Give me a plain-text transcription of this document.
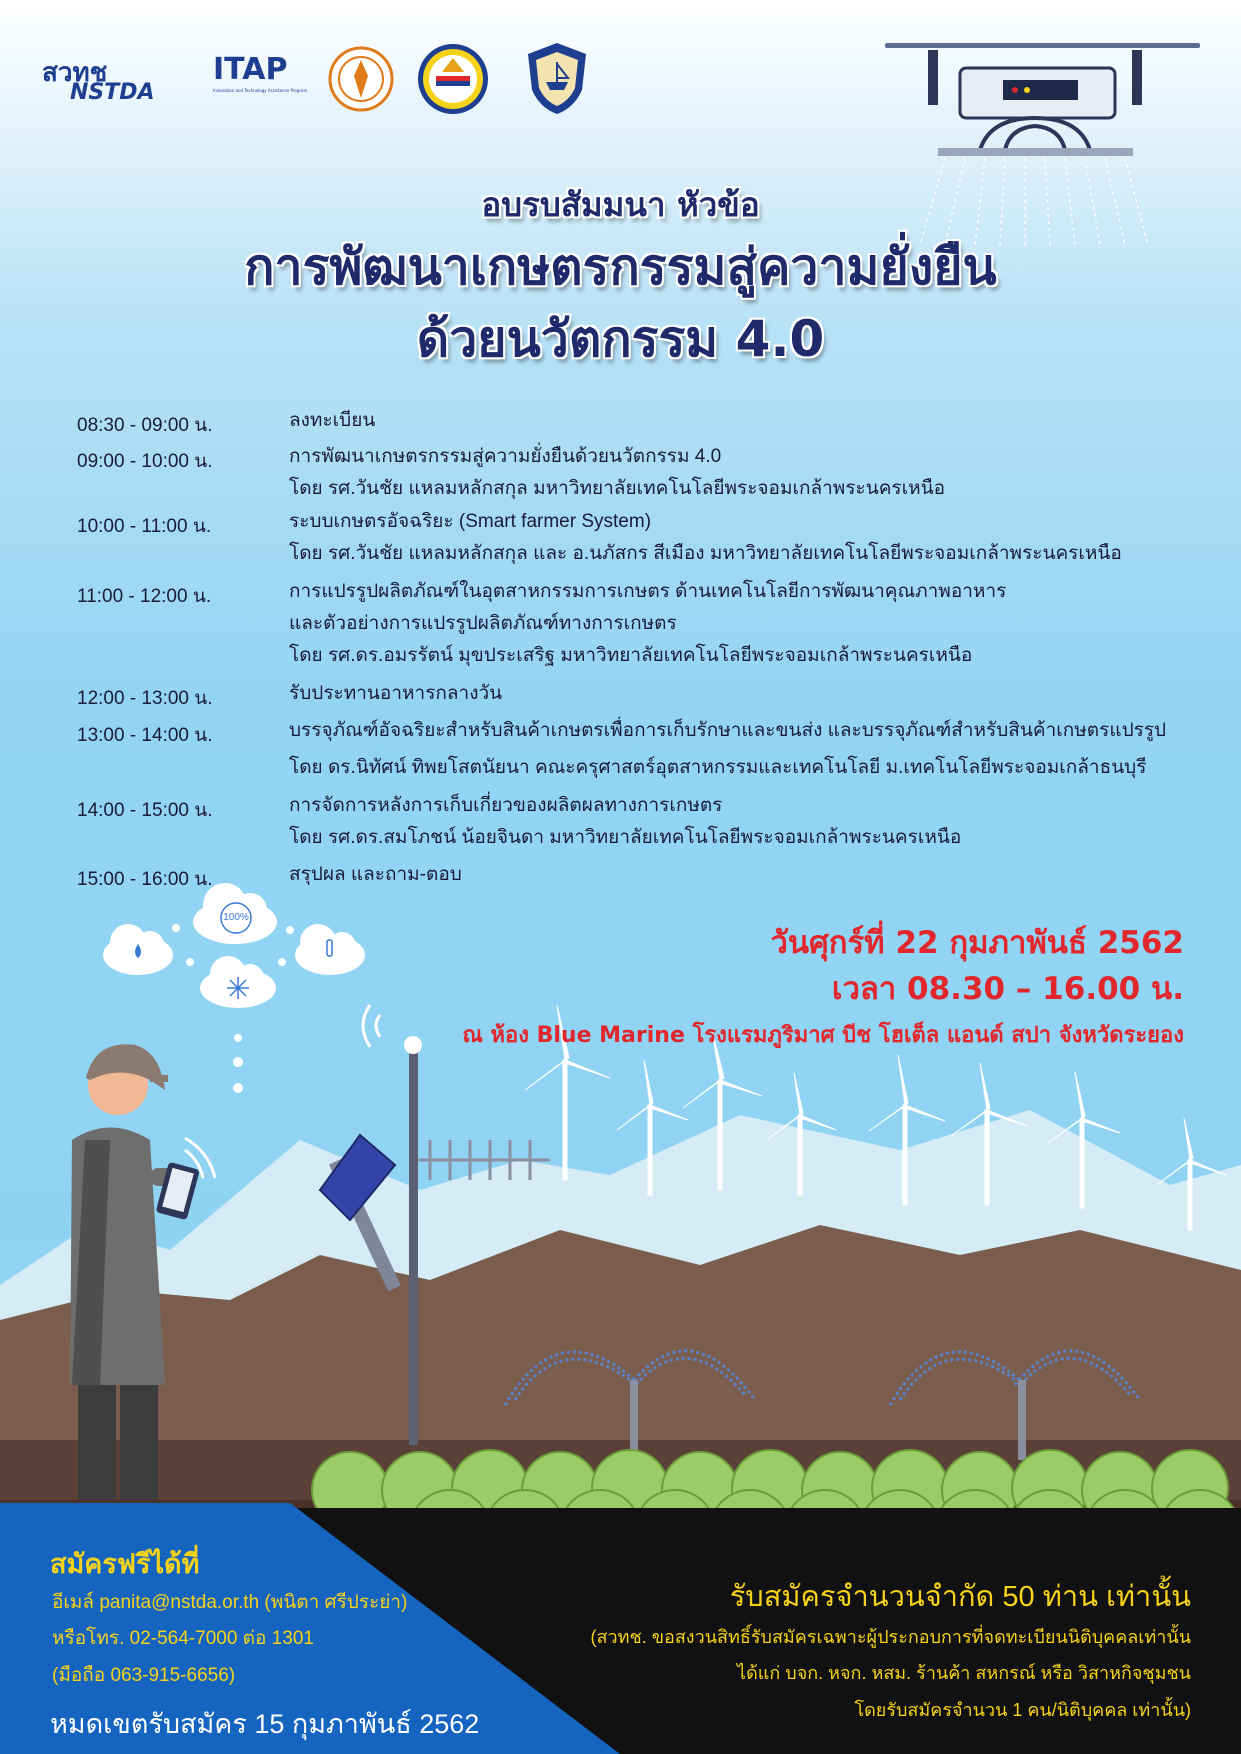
สวทช
NSTDA
ITAP
Innovation and Technology Assistance Program
อบรบสัมมนา หัวข้อ
การพัฒนาเกษตรกรรมสู่ความยั่งยืน
ด้วยนวัตกรรม 4.0
08:30 - 09:00 น.	ลงทะเบียน
09:00 - 10:00 น.	การพัฒนาเกษตรกรรมสู่ความยั่งยืนด้วยนวัตกรรม 4.0
โดย รศ.วันชัย แหลมหลักสกุล มหาวิทยาลัยเทคโนโลยีพระจอมเกล้าพระนครเหนือ
10:00 - 11:00 น.	ระบบเกษตรอัจฉริยะ (Smart farmer System)
โดย รศ.วันชัย แหลมหลักสกุล และ อ.นภัสกร สีเมือง มหาวิทยาลัยเทคโนโลยีพระจอมเกล้าพระนครเหนือ
11:00 - 12:00 น.	การแปรรูปผลิตภัณฑ์ในอุตสาหกรรมการเกษตร ด้านเทคโนโลยีการพัฒนาคุณภาพอาหาร
และตัวอย่างการแปรรูปผลิตภัณฑ์ทางการเกษตร
โดย รศ.ดร.อมรรัตน์ มุขประเสริฐ มหาวิทยาลัยเทคโนโลยีพระจอมเกล้าพระนครเหนือ
12:00 - 13:00 น.	รับประทานอาหารกลางวัน
13:00 - 14:00 น.	บรรจุภัณฑ์อัจฉริยะสำหรับสินค้าเกษตรเพื่อการเก็บรักษาและขนส่ง และบรรจุภัณฑ์สำหรับสินค้าเกษตรแปรรูป
โดย ดร.นิทัศน์ ทิพยโสตนัยนา คณะครุศาสตร์อุตสาหกรรมและเทคโนโลยี ม.เทคโนโลยีพระจอมเกล้าธนบุรี
14:00 - 15:00 น.	การจัดการหลังการเก็บเกี่ยวของผลิตผลทางการเกษตร
โดย รศ.ดร.สมโภชน์ น้อยจินดา มหาวิทยาลัยเทคโนโลยีพระจอมเกล้าพระนครเหนือ
15:00 - 16:00 น.	สรุปผล และถาม-ตอบ
100%
วันศุกร์ที่ 22 กุมภาพันธ์ 2562
เวลา 08.30 – 16.00 น.
ณ ห้อง Blue Marine โรงแรมภูริมาศ บีช โฮเต็ล แอนด์ สปา จังหวัดระยอง
สมัครฟรีได้ที่
อีเมล์ panita@nstda.or.th (พนิตา ศรีประย่า)
หรือโทร. 02-564-7000 ต่อ 1301
(มือถือ 063-915-6656)
หมดเขตรับสมัคร 15 กุมภาพันธ์ 2562
รับสมัครจำนวนจำกัด 50 ท่าน เท่านั้น
(สวทช. ขอสงวนสิทธิ์รับสมัครเฉพาะผู้ประกอบการที่จดทะเบียนนิติบุคคลเท่านั้น
ได้แก่ บจก. หจก. หสม. ร้านค้า สหกรณ์ หรือ วิสาหกิจชุมชน
โดยรับสมัครจำนวน 1 คน/นิติบุคคล เท่านั้น)
